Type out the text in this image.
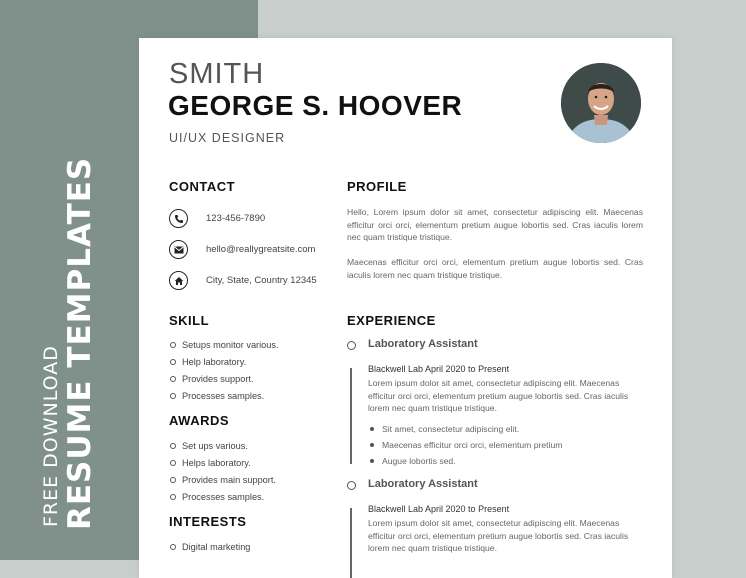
FREE DOWNLOAD RESUME TEMPLATES
SMITH
GEORGE S. HOOVER
UI/UX DESIGNER
CONTACT
123-456-7890
hello@reallygreatsite.com
City, State, Country 12345
PROFILE

Hello, Lorem ipsum dolor sit amet, consectetur adipiscing elit. Maecenas efficitur orci orci, elementum pretium augue lobortis sed. Cras iaculis lorem nec quam tristique tristique.

Maecenas efficitur orci orci, elementum pretium augue lobortis sed. Cras iaculis lorem nec quam tristique tristique.

SKILL
Setups monitor various.
Help laboratory.
Provides support.
Processes samples.
AWARDS
Set ups various.
Helps laboratory.
Provides main support.
Processes samples.
INTERESTS
Digital marketing
EXPERIENCE
Laboratory Assistant
Blackwell Lab April 2020 to Present

Lorem ipsum dolor sit amet, consectetur adipiscing elit. Maecenas efficitur orci orci, elementum pretium augue lobortis sed. Cras iaculis lorem nec quam tristique tristique.

Sit amet, consectetur adipiscing elit.
Maecenas efficitur orci orci, elementum pretium
Augue lobortis sed.
Laboratory Assistant
Blackwell Lab April 2020 to Present

Lorem ipsum dolor sit amet, consectetur adipiscing elit. Maecenas efficitur orci orci, elementum pretium augue lobortis sed. Cras iaculis lorem nec quam tristique tristique.
